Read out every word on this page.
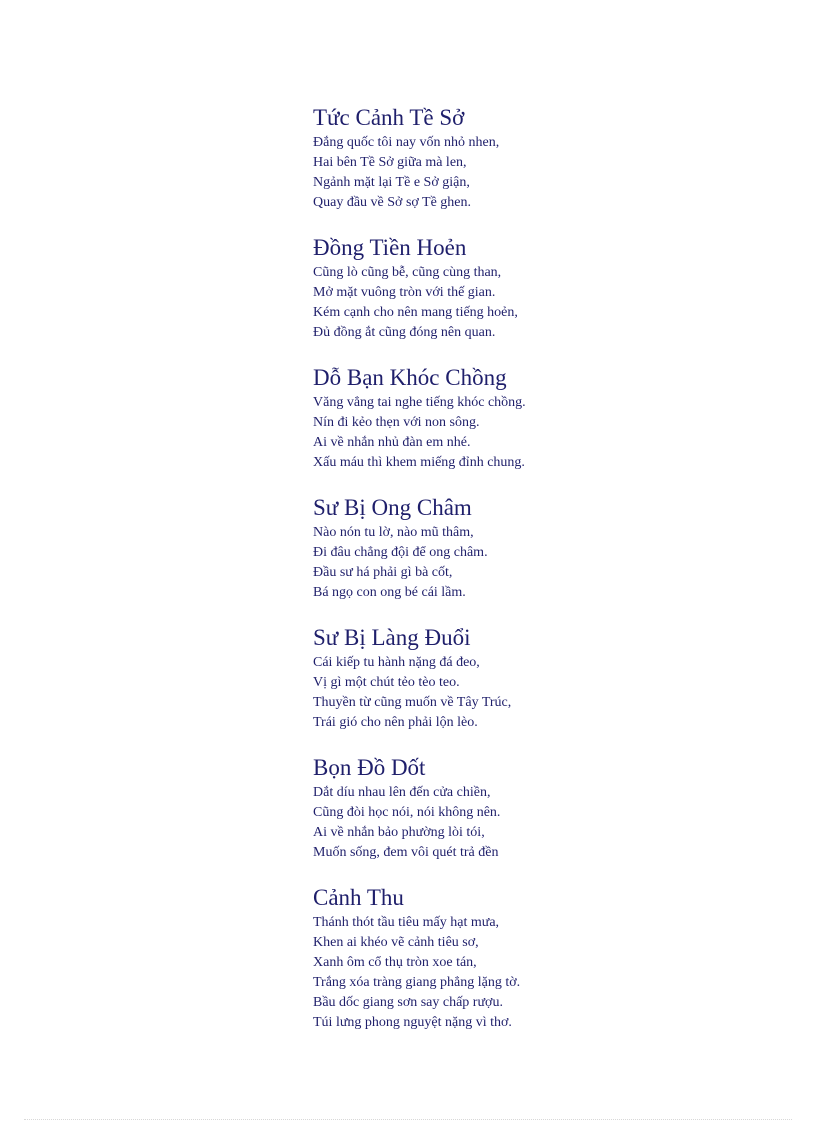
Tức Cảnh Tề Sở
Đắng quốc tôi nay vốn nhỏ nhen,
Hai bên Tề Sở giữa mà len,
Ngảnh mặt lại Tề e Sở giận,
Quay đầu về Sở sợ Tề ghen.
Đồng Tiền Hoẻn
Cũng lò cũng bễ, cũng cùng than,
Mở mặt vuông tròn với thế gian.
Kém cạnh cho nên mang tiếng hoẻn,
Đủ đồng ắt cũng đóng nên quan.
Dỗ Bạn Khóc Chồng
Văng vẳng tai nghe tiếng khóc chồng.
Nín đi kẻo thẹn với non sông.
Ai về nhắn nhủ đàn em nhé.
Xấu máu thì khem miếng đỉnh chung.
Sư Bị Ong Châm
Nào nón tu lờ, nào mũ thâm,
Đi đâu chẳng đội để ong châm.
Đầu sư há phải gì bà cốt,
Bá ngọ con ong bé cái lầm.
Sư Bị Làng Đuổi
Cái kiếp tu hành nặng đá đeo,
Vị gì một chút tẻo tèo teo.
Thuyền từ cũng muốn về Tây Trúc,
Trái gió cho nên phải lộn lèo.
Bọn Đồ Dốt
Dắt díu nhau lên đến cửa chiền,
Cũng đòi học nói, nói không nên.
Ai về nhắn bảo phường lòi tói,
Muốn sống, đem vôi quét trả đền
Cảnh Thu
Thánh thót tầu tiêu mấy hạt mưa,
Khen ai khéo vẽ cảnh tiêu sơ,
Xanh ôm cổ thụ tròn xoe tán,
Trắng xóa tràng giang phẳng lặng tờ.
Bầu dốc giang sơn say chấp rượu.
Túi lưng phong nguyệt nặng vì thơ.
